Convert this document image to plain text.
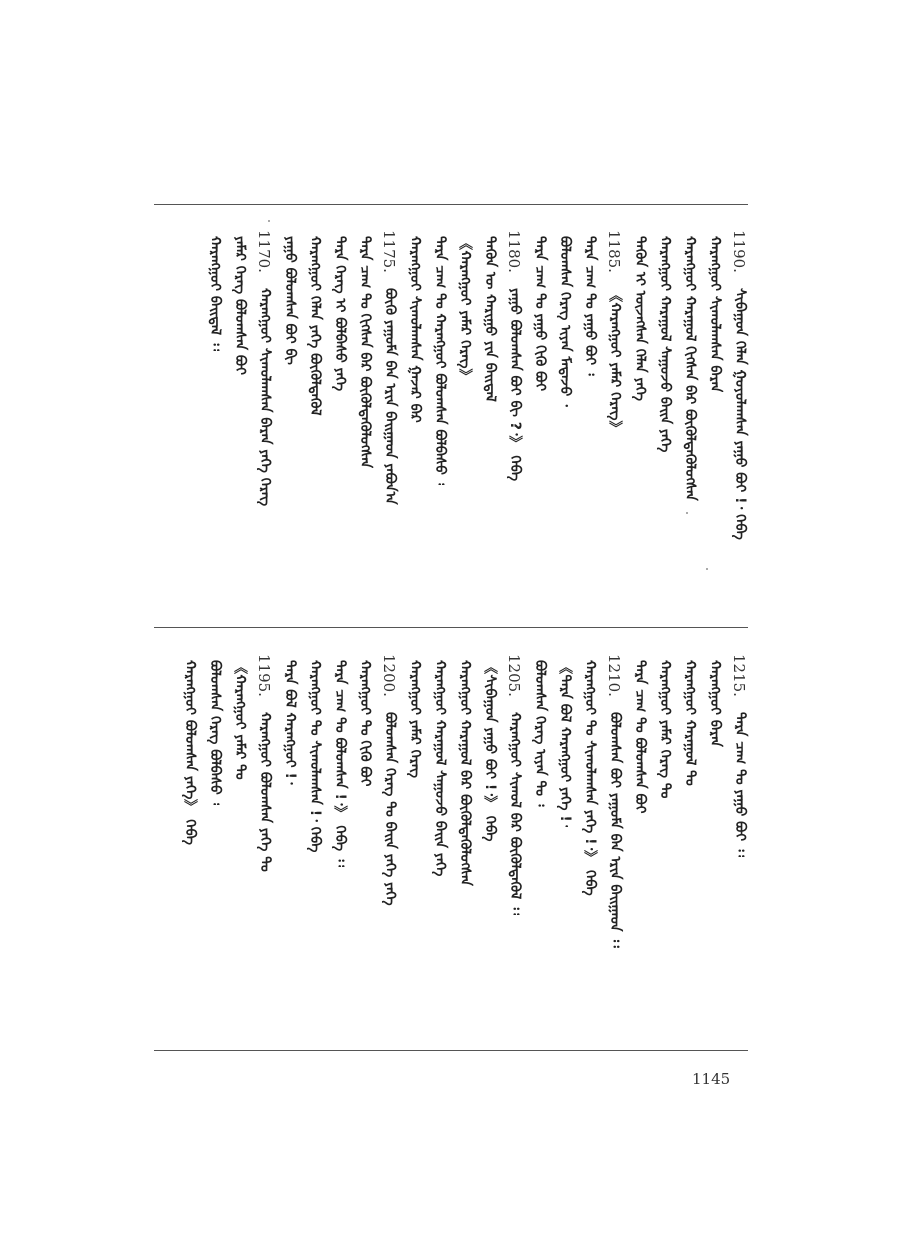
1190.
ᠰᠢᠪᠠᠭᠤᠨ ᠬᠡᠯᠡᠨ ᠭᠤᠶᠤᠯᠠᠭᠰᠠᠨ ᠶᠠᠭᠤ ᠪᠤᠢ !᠂ ᠭᠡᠪᠡ
ᠬᠠᠷᠠᠩᠭᠤᠢ ᠰᠢᠬᠤᠯᠠᠭᠰᠠᠨ ᠪᠠᠷᠠᠨ
ᠬᠠᠷᠠᠩᠭᠤᠢ ᠬᠠᠷᠠᠭᠤᠯ ᠬᠢᠭᠰᠡᠨ ᠪᠡᠷ ᠪᠦᠬᠦᠯᠳᠡᠭᠦᠯᠦᠭᠰᠡᠨ
ᠬᠠᠷᠠᠩᠭᠤᠢ ᠬᠠᠷᠠᠭᠤᠯ ᠰᠠᠭᠤᠵᠤ ᠪᠠᠢᠨ ᠶᠡᠬᠡ
ᠲᠡᠭᠦᠨ ᠢ ᠦᠵᠡᠭᠰᠡᠨ ᠬᠡᠯᠡᠨ ᠶᠡᠬᠡ
1185.
《ᠬᠠᠷᠠᠩᠭᠤᠢ ᠶᠠᠮᠠᠷ ᠬᠡᠷᠡᠭ》
ᠲᠡᠷᠡ ᠴᠠᠭ ᠲᠤ ᠶᠠᠭᠤ ᠪᠤᠢ ᠄
ᠪᠣᠯᠣᠭᠰᠠᠨ ᠬᠡᠷᠡᠭ ᠢᠶᠡᠨ ᠮᠡᠳᠡᠵᠦ ᠂
ᠲᠡᠷᠡ ᠴᠠᠭ ᠲᠤ ᠶᠠᠭᠤ ᠬᠢᠬᠦ ᠪᠤᠢ
1180.
ᠶᠠᠭᠤ ᠪᠣᠯᠤᠭᠰᠠᠨ ᠪᠣᠢ ᠪᠢ ?᠂》 ᠭᠡᠪᠡ
ᠲᠡᠭᠦᠨ ᠦ ᠬᠠᠷᠢᠭᠤ ᠶᠢᠨ ᠪᠠᠢᠳᠠᠯ
《ᠬᠠᠷᠠᠩᠭᠤᠢ ᠶᠠᠮᠠᠷ ᠬᠡᠷᠡᠭ》
ᠲᠡᠷᠡ ᠴᠠᠭ ᠲᠤ ᠬᠠᠷᠠᠩᠭᠤᠢ ᠪᠣᠯᠤᠭᠰᠠᠨ ᠪᠣᠯᠪᠠᠰᠤ ᠄
ᠬᠠᠷᠠᠩᠭᠤᠢ ᠰᠢᠬᠤᠯᠠᠭᠰᠠᠨ ᠭᠠᠵᠠᠷ ᠪᠠᠷ
1175.
ᠪᠦᠬᠦ ᠶᠠᠭᠤᠮᠠ ᠪᠠᠨ ᠡᠷᠢᠨ ᠪᠠᠢᠭᠠᠳ ᠶᠠᠪᠤᠨ᠎ᠠ
ᠲᠡᠷᠡ ᠴᠠᠭ ᠲᠤ ᠬᠢᠭᠰᠡᠨ ᠪᠡᠷ ᠪᠦᠬᠦᠯᠳᠡᠭᠦᠯᠦᠭᠰᠡᠨ
ᠲᠡᠷᠡ ᠬᠡᠷᠡᠭ ᠢ ᠪᠣᠯᠪᠠᠰᠤ ᠶᠡᠬᠡ
ᠬᠠᠷᠠᠩᠭᠤᠢ ᠬᠡᠯᠡᠨ ᠶᠡᠬᠡ ᠪᠦᠬᠦᠯᠳᠡᠭᠦᠯ
ᠶᠠᠭᠤ ᠪᠣᠯᠤᠭᠰᠠᠨ ᠪᠣᠢ ᠪᠢ
1170.
ᠬᠠᠷᠠᠩᠭᠤᠢ ᠰᠢᠬᠤᠯᠠᠭᠰᠠᠨ ᠪᠠᠷᠠᠨ ᠶᠡᠬᠡ ᠬᠡᠷᠡᠭ
ᠶᠠᠮᠠᠷ ᠬᠡᠷᠡᠭ ᠪᠣᠯᠤᠭᠰᠠᠨ ᠪᠣᠢ
ᠬᠠᠷᠠᠩᠭᠤᠢ ᠪᠠᠢᠳᠠᠯ ᠄᠄
1215.
ᠲᠡᠷᠡ ᠴᠠᠭ ᠲᠤ ᠶᠠᠭᠤ ᠪᠤᠢ ᠄᠄
ᠬᠠᠷᠠᠩᠭᠤᠢ ᠪᠠᠷᠠᠨ
ᠬᠠᠷᠠᠩᠭᠤᠢ ᠬᠠᠷᠠᠭᠤᠯ ᠲᠤ
ᠬᠠᠷᠠᠩᠭᠤᠢ ᠶᠠᠮᠠᠷ ᠬᠡᠷᠡᠭ ᠲᠤ
ᠲᠡᠷᠡ ᠴᠠᠭ ᠲᠤ ᠪᠣᠯᠤᠭᠰᠠᠨ ᠪᠣᠢ
1210.
ᠪᠣᠯᠤᠭᠰᠠᠨ ᠪᠣᠢ ᠶᠠᠭᠤᠮᠠ ᠪᠠᠨ ᠡᠷᠢᠨ ᠪᠠᠢᠭᠠᠳ ᠄᠄
ᠬᠠᠷᠠᠩᠭᠤᠢ ᠲᠤ ᠰᠢᠬᠤᠯᠠᠭᠰᠠᠨ ᠶᠡᠬᠡ !᠂》 ᠭᠡᠪᠡ
《ᠲᠡᠷᠡ ᠪᠣᠯ ᠬᠠᠷᠠᠩᠭᠤᠢ ᠶᠡᠬᠡ !᠂
ᠪᠣᠯᠤᠭᠰᠠᠨ ᠬᠡᠷᠡᠭ ᠢᠶᠡᠨ ᠲᠤ ᠄
1205.
ᠬᠠᠷᠠᠩᠭᠤᠢ ᠰᠢᠬᠤᠯ ᠪᠠᠷ ᠪᠦᠬᠦᠯᠳᠡᠭᠦᠯ ᠄᠄
《ᠰᠢᠪᠠᠭᠤᠨ ᠶᠠᠭᠤ ᠪᠤᠢ !᠂》 ᠭᠡᠪᠡ
ᠬᠠᠷᠠᠩᠭᠤᠢ ᠬᠠᠷᠠᠭᠤᠯ ᠪᠡᠷ ᠪᠦᠬᠦᠯᠳᠡᠭᠦᠯᠦᠭᠰᠡᠨ
ᠬᠠᠷᠠᠩᠭᠤᠢ ᠬᠠᠷᠠᠭᠤᠯ ᠰᠠᠭᠤᠵᠤ ᠪᠠᠢᠨ ᠶᠡᠬᠡ
ᠬᠠᠷᠠᠩᠭᠤᠢ ᠶᠠᠮᠠᠷ ᠬᠡᠷᠡᠭ
1200.
ᠪᠣᠯᠤᠭᠰᠠᠨ ᠬᠡᠷᠡᠭ ᠲᠤ ᠪᠠᠢᠨ ᠶᠡᠬᠡ ᠶᠡᠬᠡ
ᠬᠠᠷᠠᠩᠭᠤᠢ ᠲᠤ ᠬᠢᠬᠦ ᠪᠣᠢ
ᠲᠡᠷᠡ ᠴᠠᠭ ᠲᠤ ᠪᠣᠯᠤᠭᠰᠠᠨ !᠂》 ᠭᠡᠪᠡ ᠄᠄
ᠬᠠᠷᠠᠩᠭᠤᠢ ᠲᠤ ᠰᠢᠬᠤᠯᠠᠭᠰᠠᠨ !᠂ ᠭᠡᠪᠡ
ᠲᠡᠷᠡ ᠪᠣᠯ ᠬᠠᠷᠠᠩᠭᠤᠢ !᠂
1195.
ᠬᠠᠷᠠᠩᠭᠤᠢ ᠪᠣᠯᠤᠭᠰᠠᠨ ᠶᠡᠬᠡ ᠲᠤ
《ᠬᠠᠷᠠᠩᠭᠤᠢ ᠶᠠᠮᠠᠷ ᠲᠤ
ᠪᠣᠯᠤᠭᠰᠠᠨ ᠬᠡᠷᠡᠭ ᠪᠣᠯᠪᠠᠰᠤ ᠄
ᠬᠠᠷᠠᠩᠭᠤᠢ ᠪᠣᠯᠤᠭᠰᠠᠨ ᠶᠡᠬᠡ》 ᠭᠡᠪᠡ
1145
